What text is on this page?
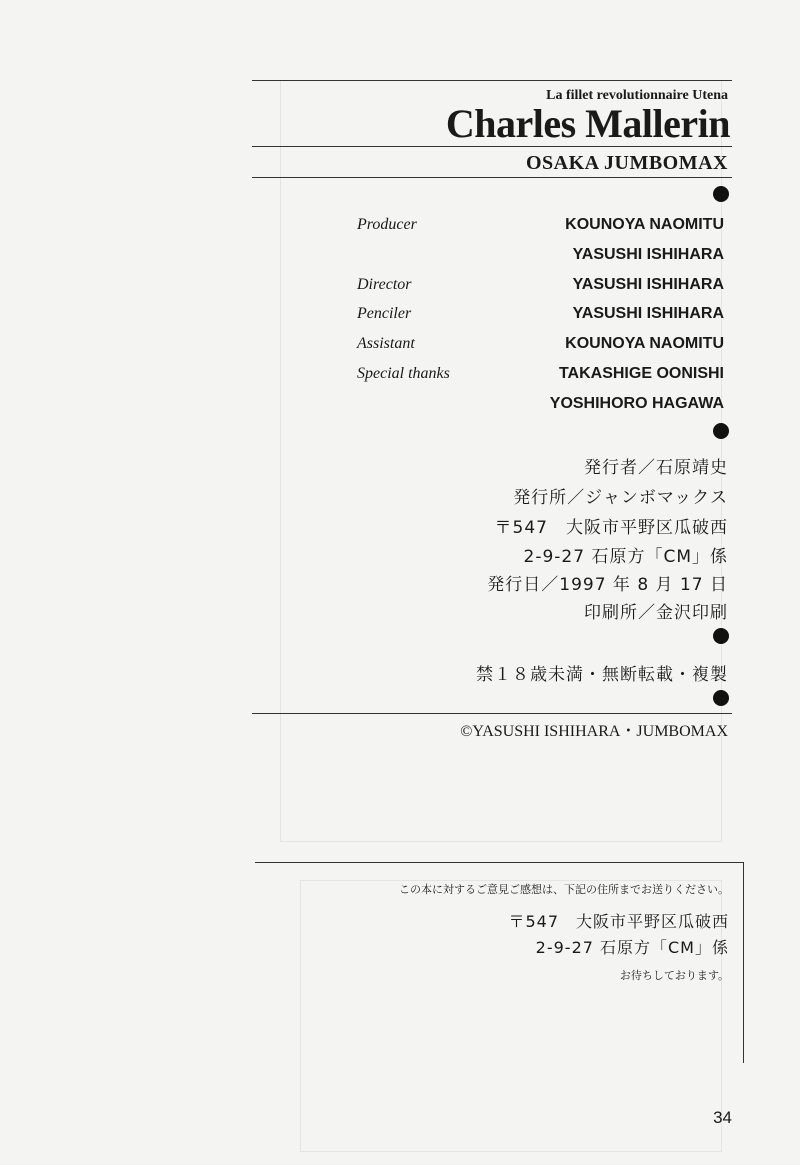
La fillet revolutionnaire Utena
Charles Mallerin
OSAKA JUMBOMAX
Producer	KOUNOYA NAOMITU
YASUSHI ISHIHARA
Director	YASUSHI ISHIHARA
Penciler	YASUSHI ISHIHARA
Assistant	KOUNOYA NAOMITU
Special thanks	TAKASHIGE OONISHI
YOSHIHORO HAGAWA
発行者／石原靖史
発行所／ジャンボマックス
〒547　大阪市平野区瓜破西
2-9-27 石原方「CM」係
発行日／1997 年 8 月 17 日
印刷所／金沢印刷
禁１８歳未満・無断転載・複製
©YASUSHI ISHIHARA・JUMBOMAX
この本に対するご意見ご感想は、下記の住所までお送りください。
〒547　大阪市平野区瓜破西
2-9-27 石原方「CM」係
お待ちしております。
34
